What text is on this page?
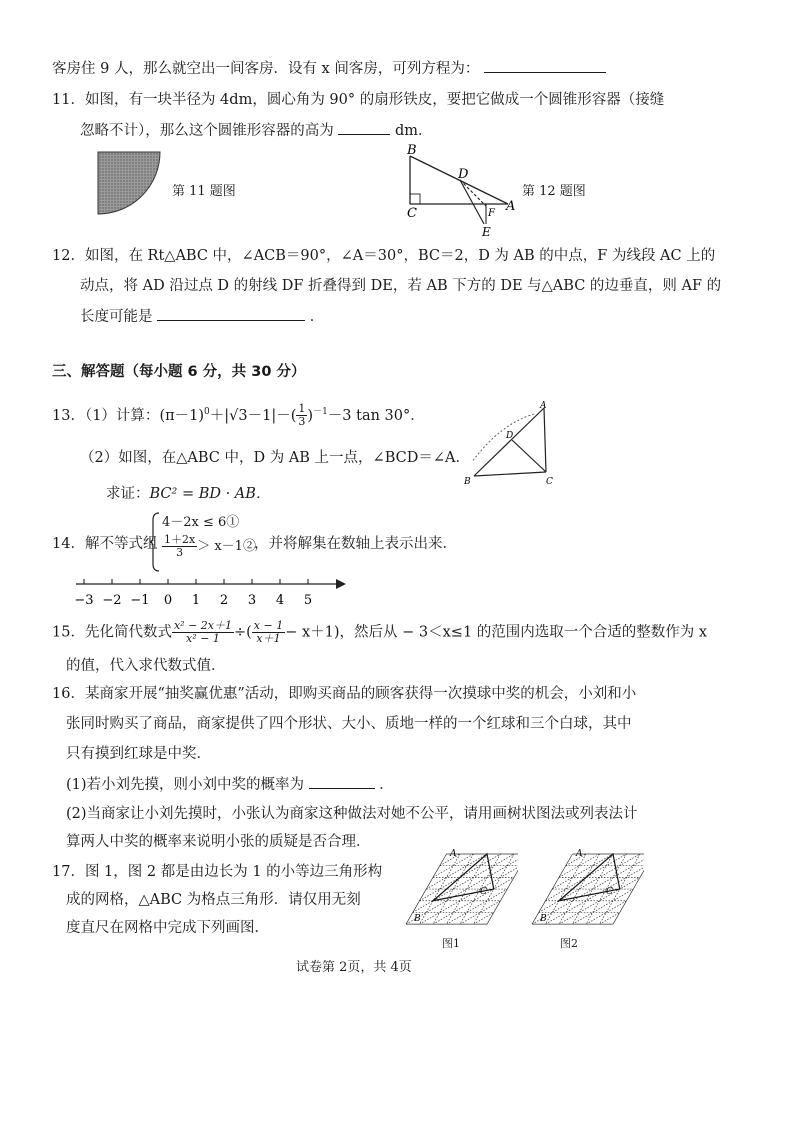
客房住 9 人，那么就空出一间客房．设有 x 间客房，可列方程为：
11．如图，有一块半径为 4dm，圆心角为 90° 的扇形铁皮，要把它做成一个圆锥形容器（接缝
忽略不计），那么这个圆锥形容器的高为	dm．
第 11 题图
B
C
D
A
E
F
第 12 题图
12．如图，在 Rt△ABC 中，∠ACB＝90°，∠A＝30°，BC＝2，D 为 AB 的中点，F 为线段 AC 上的
动点，将 AD 沿过点 D 的射线 DF 折叠得到 DE，若 AB 下方的 DE 与△ABC 的边垂直，则 AF 的
长度可能是	．
三、解答题（每小题 6 分，共 30 分）
13．（1）计算：$(\pi-1)^0+|√3-1|-( \frac{1}{3} )^{-1}-3$ tan 30°．
（2）如图，在△ABC 中，D 为 AB 上一点，∠BCD＝∠A．
求证：BC² = BD · AB．
A
B	C
D
14．解不等式组
4－2x ≤ 6①
$\frac{1+2x}{3}$ ＞ x－1②
，并将解集在数轴上表示出来．
−3 −2 −1 0 1 2 3 4 5
15．先化简代数式 $\frac{\text{x² − 2x＋1}}{\text{x² − 1}}$ ÷( $\frac{x - 1}{x+1} - x+1$)，然后从 − 3＜x≤1 的范围内选取一个合适的整数作为 x
的值，代入求代数式值．
16．某商家开展“抽奖赢优惠”活动，即购买商品的顾客获得一次摸球中奖的机会，小刘和小
张同时购买了商品，商家提供了四个形状、大小、质地一样的一个红球和三个白球，其中
只有摸到红球是中奖．
(1)若小刘先摸，则小刘中奖的概率为	．
(2)当商家让小刘先摸时，小张认为商家这种做法对她不公平，请用画树状图法或列表法计
算两人中奖的概率来说明小张的质疑是否合理．
17．图 1，图 2 都是由边长为 1 的小等边三角形构
成的网格，△ABC 为格点三角形．请仅用无刻
度直尺在网格中完成下列画图．
A
C
B
图1
A
C
B
图2
试卷第 2页，共 4页
